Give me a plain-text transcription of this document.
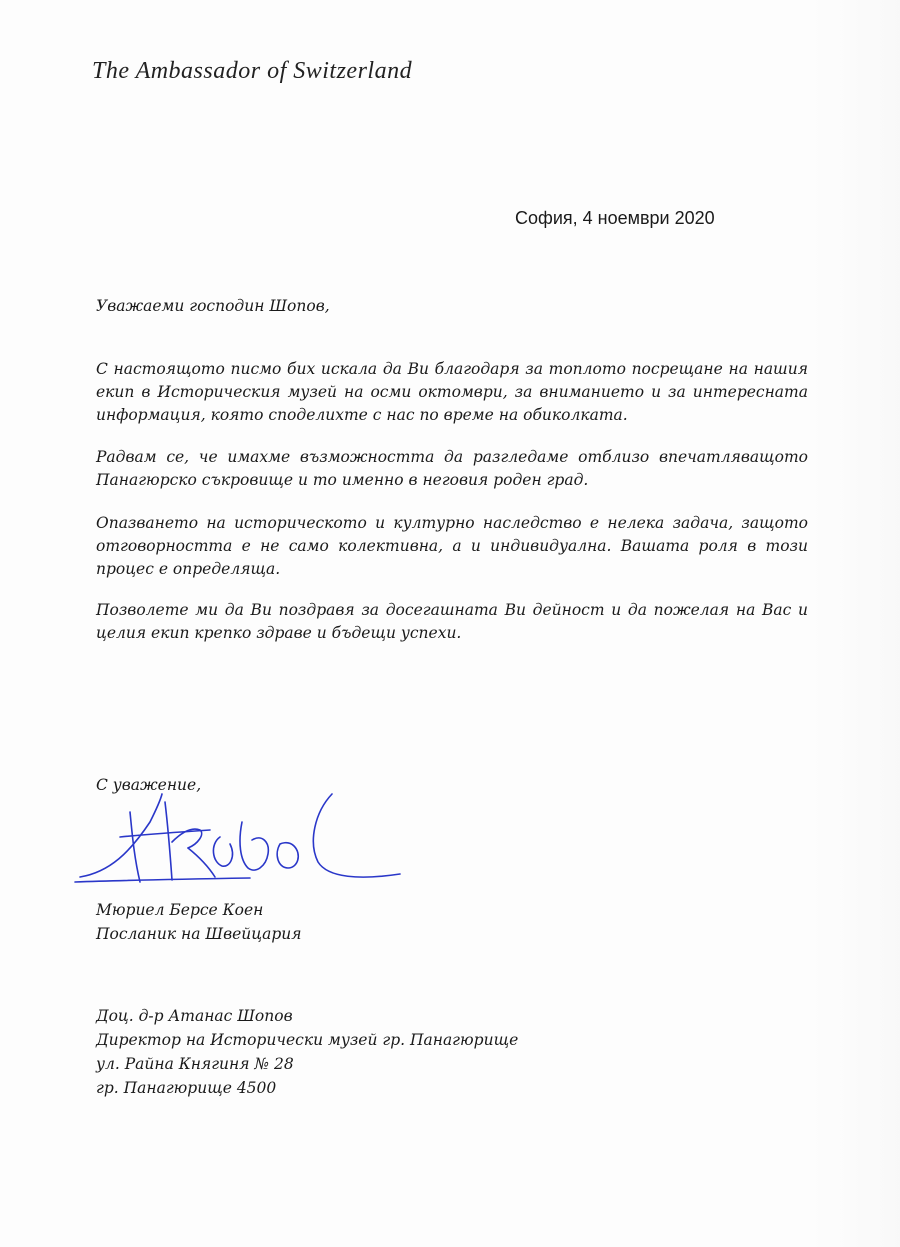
The Ambassador of Switzerland
София, 4 ноември 2020
Уважаеми господин Шопов,
С настоящото писмо бих искала да Ви благодаря за топлото посрещане на нашия екип в Историческия музей на осми октомври, за вниманието и за интересната информация, която споделихте с нас по време на обиколката.
Радвам се, че имахме възможността да разгледаме отблизо впечатляващото Панагюрско съкровище и то именно в неговия роден град.
Опазването на историческото и културно наследство е нелека задача, защото отговорността е не само колективна, а и индивидуална. Вашата роля в този процес е определяща.
Позволете ми да Ви поздравя за досегашната Ви дейност и да пожелая на Вас и целия екип крепко здраве и бъдещи успехи.
С уважение,
Мюриел Берсе Коен
Посланик на Швейцария
Доц. д-р Атанас Шопов
Директор на Исторически музей гр. Панагюрище
ул. Райна Княгиня № 28
гр. Панагюрище 4500
